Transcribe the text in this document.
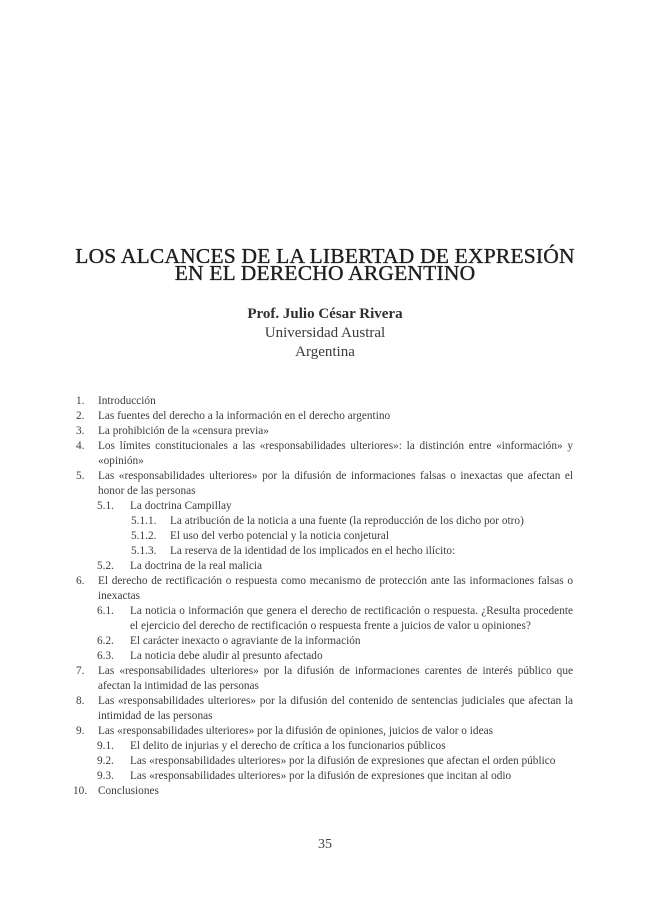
LOS ALCANCES DE LA LIBERTAD DE EXPRESIÓN
EN EL DERECHO ARGENTINO
Prof. Julio César Rivera
Universidad Austral
Argentina
1. Introducción
2. Las fuentes del derecho a la información en el derecho argentino
3. La prohibición de la «censura previa»
4. Los límites constitucionales a las «responsabilidades ulteriores»: la distinción entre «información» y «opinión»
5. Las «responsabilidades ulteriores» por la difusión de informaciones falsas o inexactas que afectan el honor de las personas
5.1. La doctrina Campillay
5.1.1. La atribución de la noticia a una fuente (la reproducción de los dicho por otro)
5.1.2. El uso del verbo potencial y la noticia conjetural
5.1.3. La reserva de la identidad de los implicados en el hecho ilícito:
5.2. La doctrina de la real malicia
6. El derecho de rectificación o respuesta como mecanismo de protección ante las informaciones falsas o inexactas
6.1. La noticia o información que genera el derecho de rectificación o respuesta. ¿Resulta procedente el ejercicio del derecho de rectificación o respuesta frente a juicios de valor u opiniones?
6.2. El carácter inexacto o agraviante de la información
6.3. La noticia debe aludir al presunto afectado
7. Las «responsabilidades ulteriores» por la difusión de informaciones carentes de interés público que afectan la intimidad de las personas
8. Las «responsabilidades ulteriores» por la difusión del contenido de sentencias judiciales que afectan la intimidad de las personas
9. Las «responsabilidades ulteriores» por la difusión de opiniones, juicios de valor o ideas
9.1. El delito de injurias y el derecho de crítica a los funcionarios públicos
9.2. Las «responsabilidades ulteriores» por la difusión de expresiones que afectan el orden público
9.3. Las «responsabilidades ulteriores» por la difusión de expresiones que incitan al odio
10. Conclusiones
35
